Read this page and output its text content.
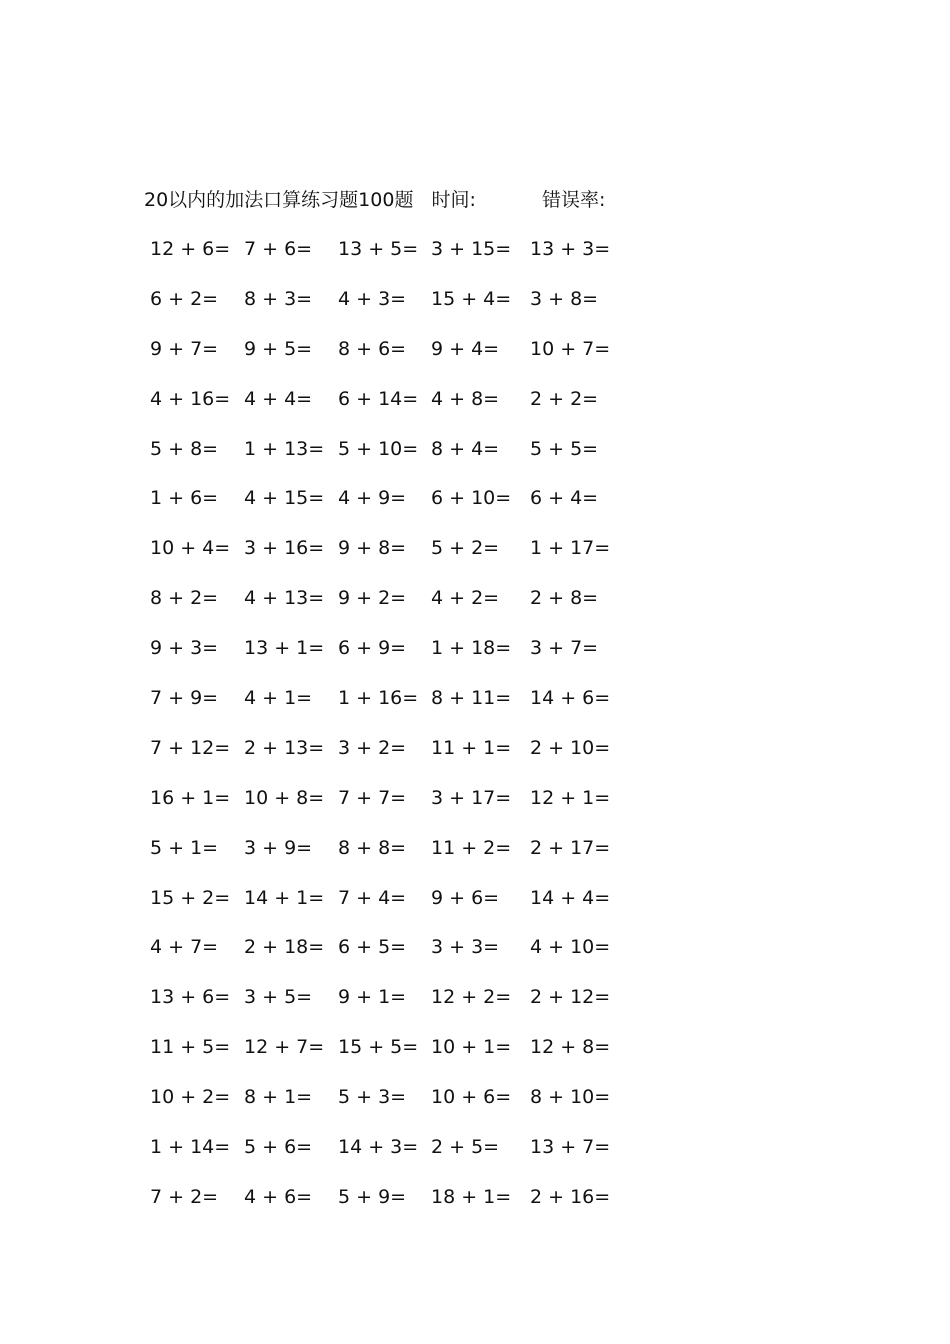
20以内的加法口算练习题100题 时间:	错误率:
12 + 6= 7 + 6= 13 + 5= 3 + 15= 13 + 3=
6 + 2= 8 + 3= 4 + 3= 15 + 4= 3 + 8=
9 + 7= 9 + 5= 8 + 6= 9 + 4= 10 + 7=
4 + 16= 4 + 4= 6 + 14= 4 + 8= 2 + 2=
5 + 8= 1 + 13= 5 + 10= 8 + 4= 5 + 5=
1 + 6= 4 + 15= 4 + 9= 6 + 10= 6 + 4=
10 + 4= 3 + 16= 9 + 8= 5 + 2= 1 + 17=
8 + 2= 4 + 13= 9 + 2= 4 + 2= 2 + 8=
9 + 3= 13 + 1= 6 + 9= 1 + 18= 3 + 7=
7 + 9= 4 + 1= 1 + 16= 8 + 11= 14 + 6=
7 + 12= 2 + 13= 3 + 2= 11 + 1= 2 + 10=
16 + 1= 10 + 8= 7 + 7= 3 + 17= 12 + 1=
5 + 1= 3 + 9= 8 + 8= 11 + 2= 2 + 17=
15 + 2= 14 + 1= 7 + 4= 9 + 6= 14 + 4=
4 + 7= 2 + 18= 6 + 5= 3 + 3= 4 + 10=
13 + 6= 3 + 5= 9 + 1= 12 + 2= 2 + 12=
11 + 5= 12 + 7= 15 + 5= 10 + 1= 12 + 8=
10 + 2= 8 + 1= 5 + 3= 10 + 6= 8 + 10=
1 + 14= 5 + 6= 14 + 3= 2 + 5= 13 + 7=
7 + 2= 4 + 6= 5 + 9= 18 + 1= 2 + 16=
